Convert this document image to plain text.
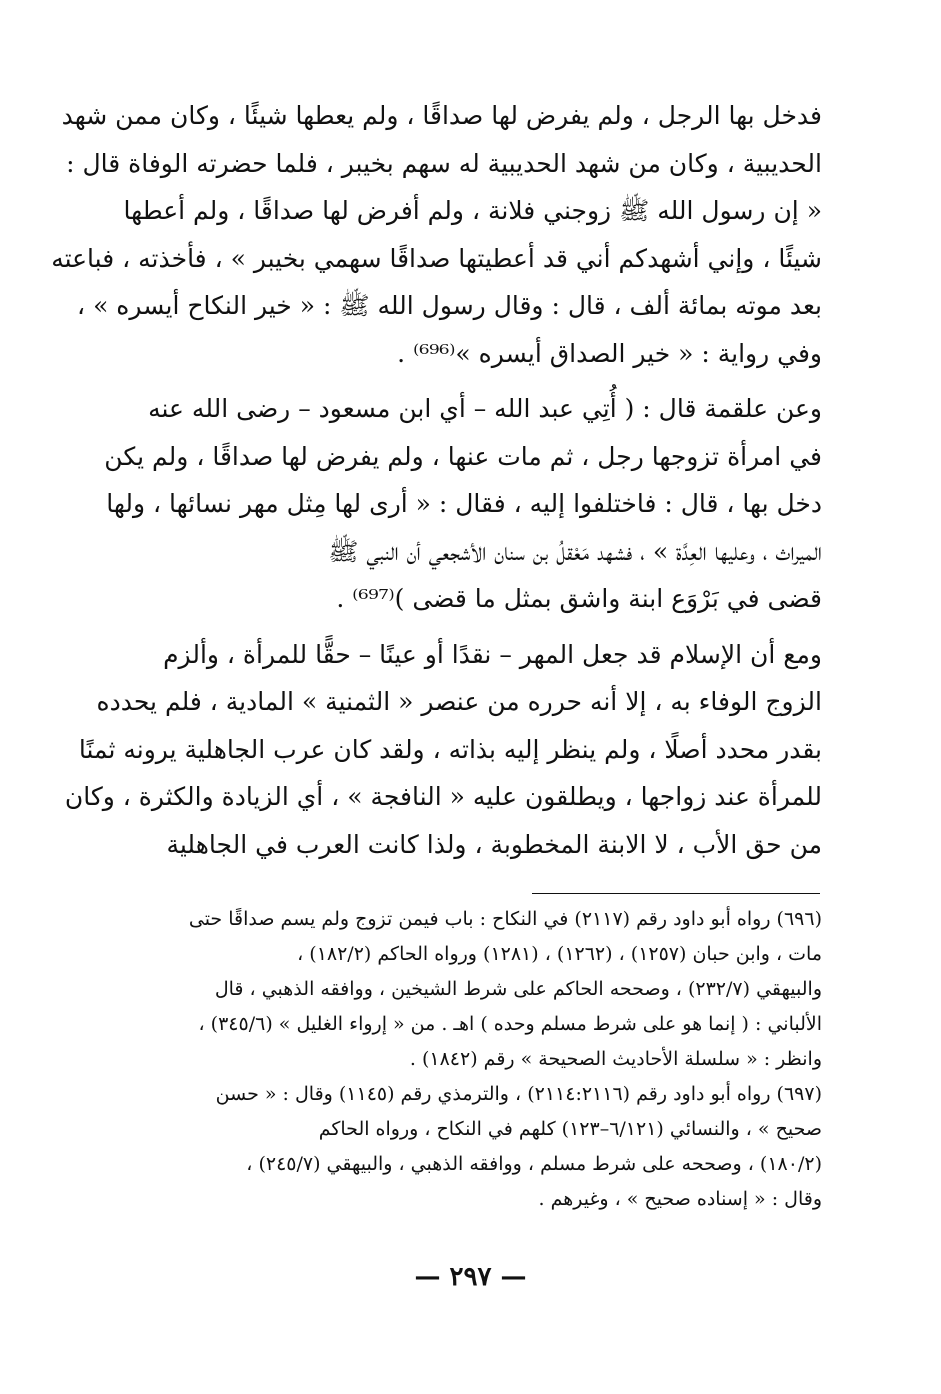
فدخل بها الرجل ، ولم يفرض لها صداقًا ، ولم يعطها شيئًا ، وكان ممن شهد
الحديبية ، وكان من شهد الحديبية له سهم بخيبر ، فلما حضرته الوفاة قال :
« إن رسول الله ﷺ زوجني فلانة ، ولم أفرض لها صداقًا ، ولم أعطها
شيئًا ، وإني أشهدكم أني قد أعطيتها صداقًا سهمي بخيبر » ، فأخذته ، فباعته
بعد موته بمائة ألف ، قال : وقال رسول الله ﷺ : « خير النكاح أيسره » ،
وفي رواية : « خير الصداق أيسره »⁽⁶⁹⁶⁾ .
وعن علقمة قال : ( أُتِي عبد الله – أي ابن مسعود – رضى الله عنه
في امرأة تزوجها رجل ، ثم مات عنها ، ولم يفرض لها صداقًا ، ولم يكن
دخل بها ، قال : فاختلفوا إليه ، فقال : « أرى لها مِثل مهر نسائها ، ولها
الميراث ، وعليها العِدَّة » ، فشهد مَعْقلُ بن سنان الأشجعي أن النبي ﷺ
قضى في بَرْوَع ابنة واشق بمثل ما قضى )⁽⁶⁹⁷⁾ .
ومع أن الإسلام قد جعل المهر – نقدًا أو عينًا – حقًّا للمرأة ، وألزم
الزوج الوفاء به ، إلا أنه حرره من عنصر « الثمنية » المادية ، فلم يحدده
بقدر محدد أصلًا ، ولم ينظر إليه بذاته ، ولقد كان عرب الجاهلية يرونه ثمنًا
للمرأة عند زواجها ، ويطلقون عليه « النافجة » ، أي الزيادة والكثرة ، وكان
من حق الأب ، لا الابنة المخطوبة ، ولذا كانت العرب في الجاهلية
(٦٩٦) رواه أبو داود رقم (٢١١٧) في النكاح : باب فيمن تزوج ولم يسم صداقًا حتى
مات ، وابن حبان (١٢٥٧) ، (١٢٦٢) ، (١٢٨١) ورواه الحاكم (١٨٢/٢) ،
والبيهقي (٢٣٢/٧) ، وصححه الحاكم على شرط الشيخين ، ووافقه الذهبي ، قال
الألباني : ( إنما هو على شرط مسلم وحده ) اهـ . من « إرواء الغليل » (٣٤٥/٦) ،
وانظر : « سلسلة الأحاديث الصحيحة » رقم (١٨٤٢) .
(٦٩٧) رواه أبو داود رقم (٢١١٤:٢١١٦) ، والترمذي رقم (١١٤٥) وقال : « حسن
صحيح » ، والنسائي (٦/١٢١–١٢٣) كلهم في النكاح ، ورواه الحاكم
(١٨٠/٢) ، وصححه على شرط مسلم ، ووافقه الذهبي ، والبيهقي (٢٤٥/٧) ،
وقال : « إسناده صحيح » ، وغيرهم .
— ٢٩٧ —
